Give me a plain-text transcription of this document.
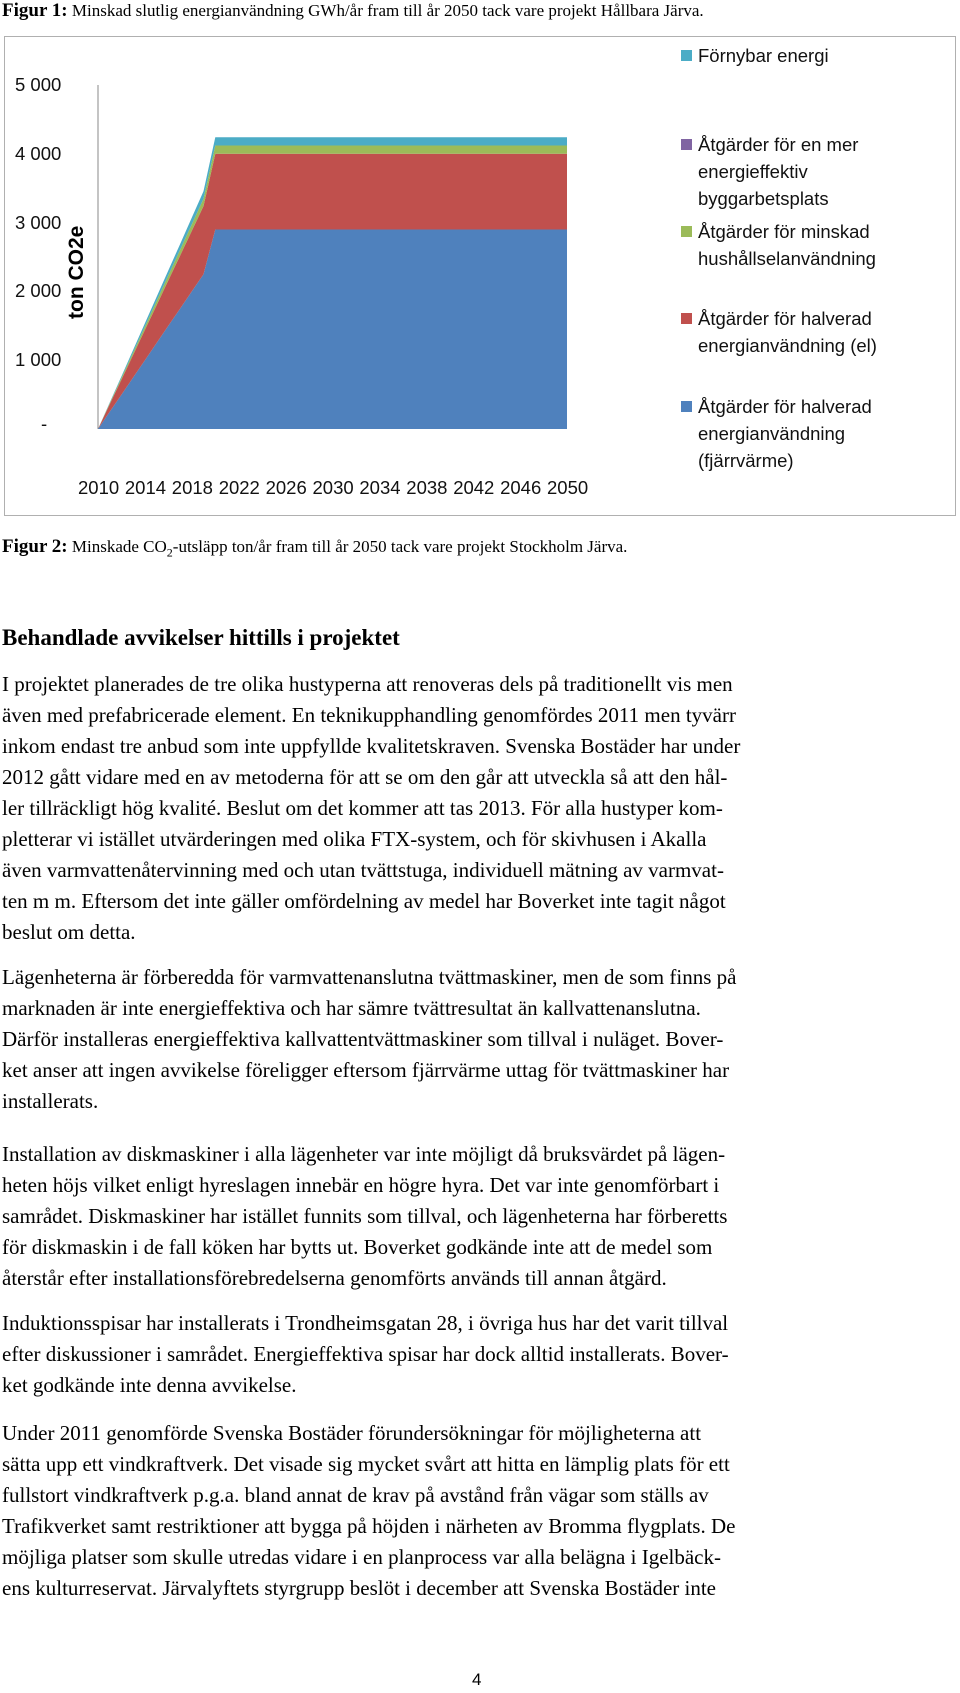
Figur 1: Minskad slutlig energianvändning GWh/år fram till år 2050 tack vare projekt Hållbara Järva.
5 000
4 000
3 000
2 000
1 000
-
ton CO2e
2010 2014 2018 2022 2026 2030 2034 2038 2042 2046 2050
Förnybar energi
Åtgärder för en mer
energieffektiv
byggarbetsplats
Åtgärder för minskad
hushållselanvändning
Åtgärder för halverad
energianvändning (el)
Åtgärder för halverad
energianvändning
(fjärrvärme)
Figur 2: Minskade $CO_2$-utsläpp ton/år fram till år 2050 tack vare projekt Stockholm Järva.
Behandlade avvikelser hittills i projektet
I projektet planerades de tre olika hustyperna att renoveras dels på traditionellt vis men
även med prefabricerade element. En teknikupphandling genomfördes 2011 men tyvärr
inkom endast tre anbud som inte uppfyllde kvalitetskraven. Svenska Bostäder har under
2012 gått vidare med en av metoderna för att se om den går att utveckla så att den hål-
ler tillräckligt hög kvalité. Beslut om det kommer att tas 2013. För alla hustyper kom-
pletterar vi istället utvärderingen med olika FTX-system, och för skivhusen i Akalla
även varmvattenåtervinning med och utan tvättstuga, individuell mätning av varmvat-
ten m m. Eftersom det inte gäller omfördelning av medel har Boverket inte tagit något
beslut om detta.
Lägenheterna är förberedda för varmvattenanslutna tvättmaskiner, men de som finns på
marknaden är inte energieffektiva och har sämre tvättresultat än kallvattenanslutna.
Därför installeras energieffektiva kallvattentvättmaskiner som tillval i nuläget. Bover-
ket anser att ingen avvikelse föreligger eftersom fjärrvärme uttag för tvättmaskiner har
installerats.
Installation av diskmaskiner i alla lägenheter var inte möjligt då bruksvärdet på lägen-
heten höjs vilket enligt hyreslagen innebär en högre hyra. Det var inte genomförbart i
samrådet. Diskmaskiner har istället funnits som tillval, och lägenheterna har förberetts
för diskmaskin i de fall köken har bytts ut. Boverket godkände inte att de medel som
återstår efter installationsförebredelserna genomförts används till annan åtgärd.
Induktionsspisar har installerats i Trondheimsgatan 28, i övriga hus har det varit tillval
efter diskussioner i samrådet. Energieffektiva spisar har dock alltid installerats. Bover-
ket godkände inte denna avvikelse.
Under 2011 genomförde Svenska Bostäder förundersökningar för möjligheterna att
sätta upp ett vindkraftverk. Det visade sig mycket svårt att hitta en lämplig plats för ett
fullstort vindkraftverk p.g.a. bland annat de krav på avstånd från vägar som ställs av
Trafikverket samt restriktioner att bygga på höjden i närheten av Bromma flygplats. De
möjliga platser som skulle utredas vidare i en planprocess var alla belägna i Igelbäck-
ens kulturreservat. Järvalyftets styrgrupp beslöt i december att Svenska Bostäder inte
4
